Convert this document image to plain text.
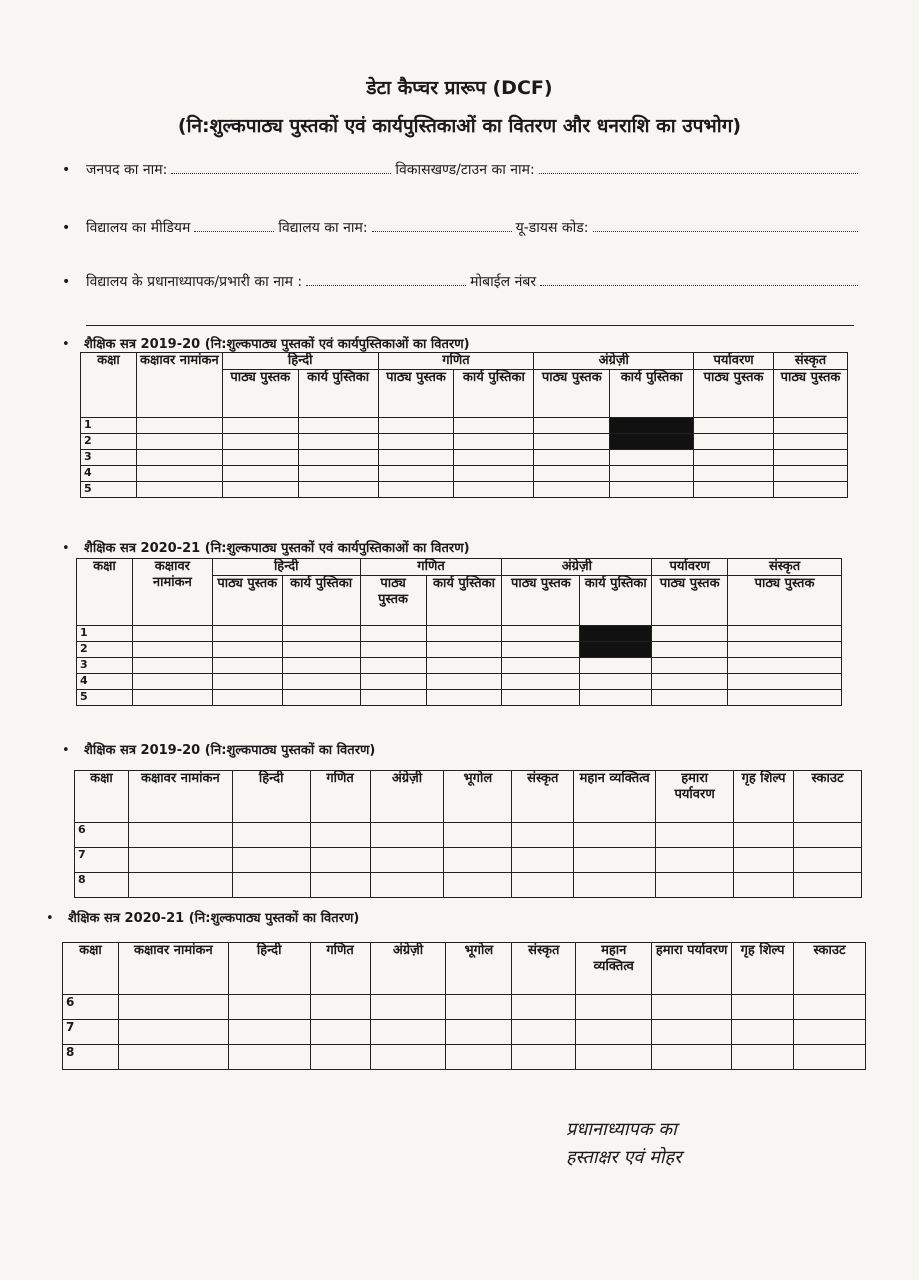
डेटा कैप्चर प्रारूप (DCF)
(नि:शुल्कपाठ्य पुस्तकों एवं कार्यपुस्तिकाओं का वितरण और धनराशि का उपभोग)
•	जनपद का नाम:	विकासखण्ड/टाउन का नाम:
•	विद्यालय का मीडियम	विद्यालय का नाम:	यू-डायस कोड:
•	विद्यालय के प्रधानाध्यापक/प्रभारी का नाम :	मोबाईल नंबर
• शैक्षिक सत्र 2019-20 (नि:शुल्कपाठ्य पुस्तकों एवं कार्यपुस्तिकाओं का वितरण)
कक्षा	कक्षावर नामांकन	हिन्दी		गणित		अंग्रेज़ी		पर्यावरण	संस्कृत
		पाठ्य पुस्तक	कार्य पुस्तिका	पाठ्य पुस्तक	कार्य पुस्तिका	पाठ्य पुस्तक	कार्य पुस्तिका	पाठ्य पुस्तक	पाठ्य पुस्तक
1									
2									
3									
4									
5									
• शैक्षिक सत्र 2020-21 (नि:शुल्कपाठ्य पुस्तकों एवं कार्यपुस्तिकाओं का वितरण)
कक्षा	कक्षावर नामांकन	हिन्दी		गणित		अंग्रेज़ी		पर्यावरण	संस्कृत
		पाठ्य पुस्तक	कार्य पुस्तिका	पाठ्य पुस्तक	कार्य पुस्तिका	पाठ्य पुस्तक	कार्य पुस्तिका	पाठ्य पुस्तक	पाठ्य पुस्तक
1									
2									
3									
4									
5									
• शैक्षिक सत्र 2019-20 (नि:शुल्कपाठ्य पुस्तकों का वितरण)
कक्षा	कक्षावर नामांकन	हिन्दी	गणित	अंग्रेज़ी	भूगोल	संस्कृत	महान व्यक्तित्व	हमारा पर्यावरण	गृह शिल्प	स्काउट
6										
7										
8										
• शैक्षिक सत्र 2020-21 (नि:शुल्कपाठ्य पुस्तकों का वितरण)
कक्षा	कक्षावर नामांकन	हिन्दी	गणित	अंग्रेज़ी	भूगोल	संस्कृत	महान व्यक्तित्व	हमारा पर्यावरण	गृह शिल्प	स्काउट
6										
7										
8										
प्रधानाध्यापक का
हस्ताक्षर एवं मोहर
